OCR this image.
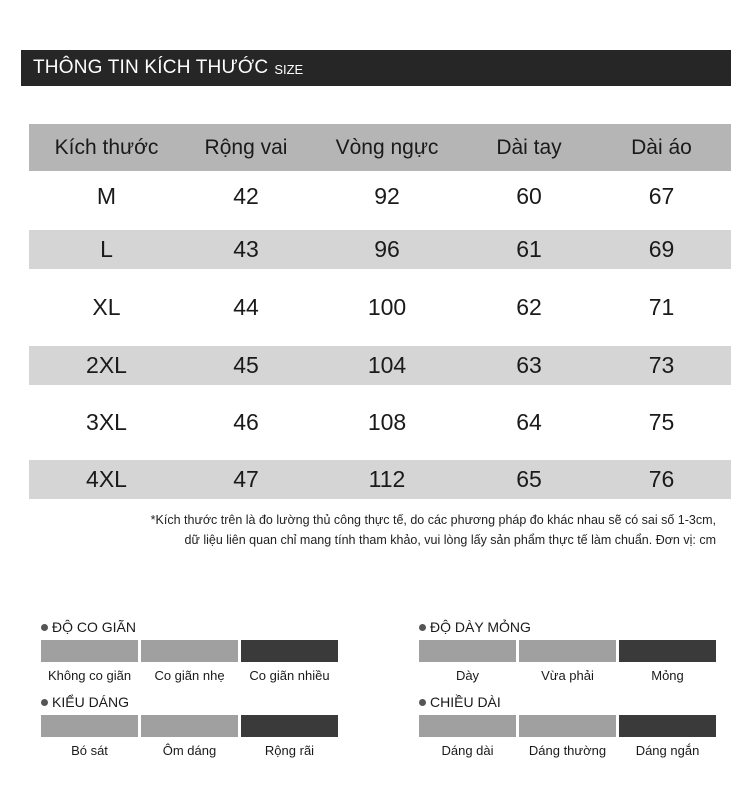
THÔNG TIN KÍCH THƯỚC SIZE
Kích thước	Rộng vai	Vòng ngực	Dài tay	Dài áo
M	42	92	60	67
L	43	96	61	69
XL	44	100	62	71
2XL	45	104	63	73
3XL	46	108	64	75
4XL	47	112	65	76
*Kích thước trên là đo lường thủ công thực tế, do các phương pháp đo khác nhau sẽ có sai số 1-3cm,
dữ liệu liên quan chỉ mang tính tham khảo, vui lòng lấy sản phẩm thực tế làm chuẩn. Đơn vị: cm
ĐỘ CO GIÃN
Không co giãn	Co giãn nhẹ	Co giãn nhiều
ĐỘ DÀY MỎNG
Dày	Vừa phải	Mỏng
KIỂU DÁNG
Bó sát	Ôm dáng	Rộng rãi
CHIỀU DÀI
Dáng dài	Dáng thường	Dáng ngắn
